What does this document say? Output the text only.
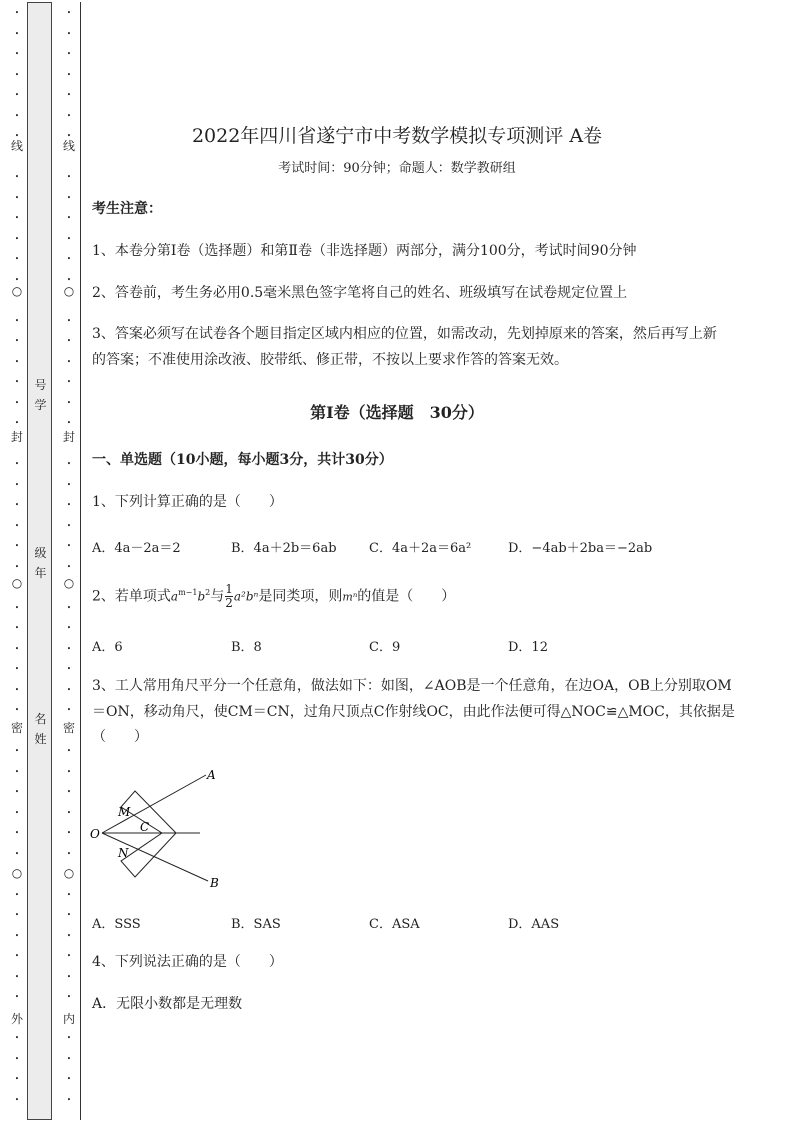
•
•
•
•
•
•
•
•
•
•
•
•
•
•
•
•
•
•
•
•
•
•
•
•
•
•
•
•
•
•
•
•
•
•
•
•
•
•
•
•
•
•
•
•
•
•
•
线
○
封
○
密
○
外
号
学
级
年
名
姓
•
•
•
•
•
•
•
•
•
•
•
•
•
•
•
•
•
•
•
•
•
•
•
•
•
•
•
•
•
•
•
•
•
•
•
•
•
•
•
•
•
•
•
•
•
•
•
线
○
封
○
密
○
内
2022年四川省遂宁市中考数学模拟专项测评 A卷
考试时间：90分钟；命题人：数学教研组
考生注意：
1、本卷分第I卷（选择题）和第Ⅱ卷（非选择题）两部分，满分100分，考试时间90分钟
2、答卷前，考生务必用0.5毫米黑色签字笔将自己的姓名、班级填写在试卷规定位置上
3、答案必须写在试卷各个题目指定区域内相应的位置，如需改动，先划掉原来的答案，然后再写上新
的答案；不准使用涂改液、胶带纸、修正带，不按以上要求作答的答案无效。
第I卷（选择题　30分）
一、单选题（10小题，每小题3分，共计30分）
1、下列计算正确的是（　　）
A．4a－2a＝2	B．4a＋2b＝6ab C．4a＋2a＝6a²	D．−4ab＋2ba＝−2ab
2、若单项式$a^{m-1}b^2$与 $\frac{1}{2} a^2b^n$是同类项，则mⁿ的值是（　　）
A．6	B．8	C．9	D．12
3、工人常用角尺平分一个任意角，做法如下：如图，∠AOB是一个任意角，在边OA，OB上分别取OM
＝ON，移动角尺，使CM＝CN，过角尺顶点C作射线OC，由此作法便可得△NOC≌△MOC，其依据是
（　　）
A
B
O
M
N
C
A．SSS	B．SAS	C．ASA	D．AAS
4、下列说法正确的是（　　）
A．无限小数都是无理数
